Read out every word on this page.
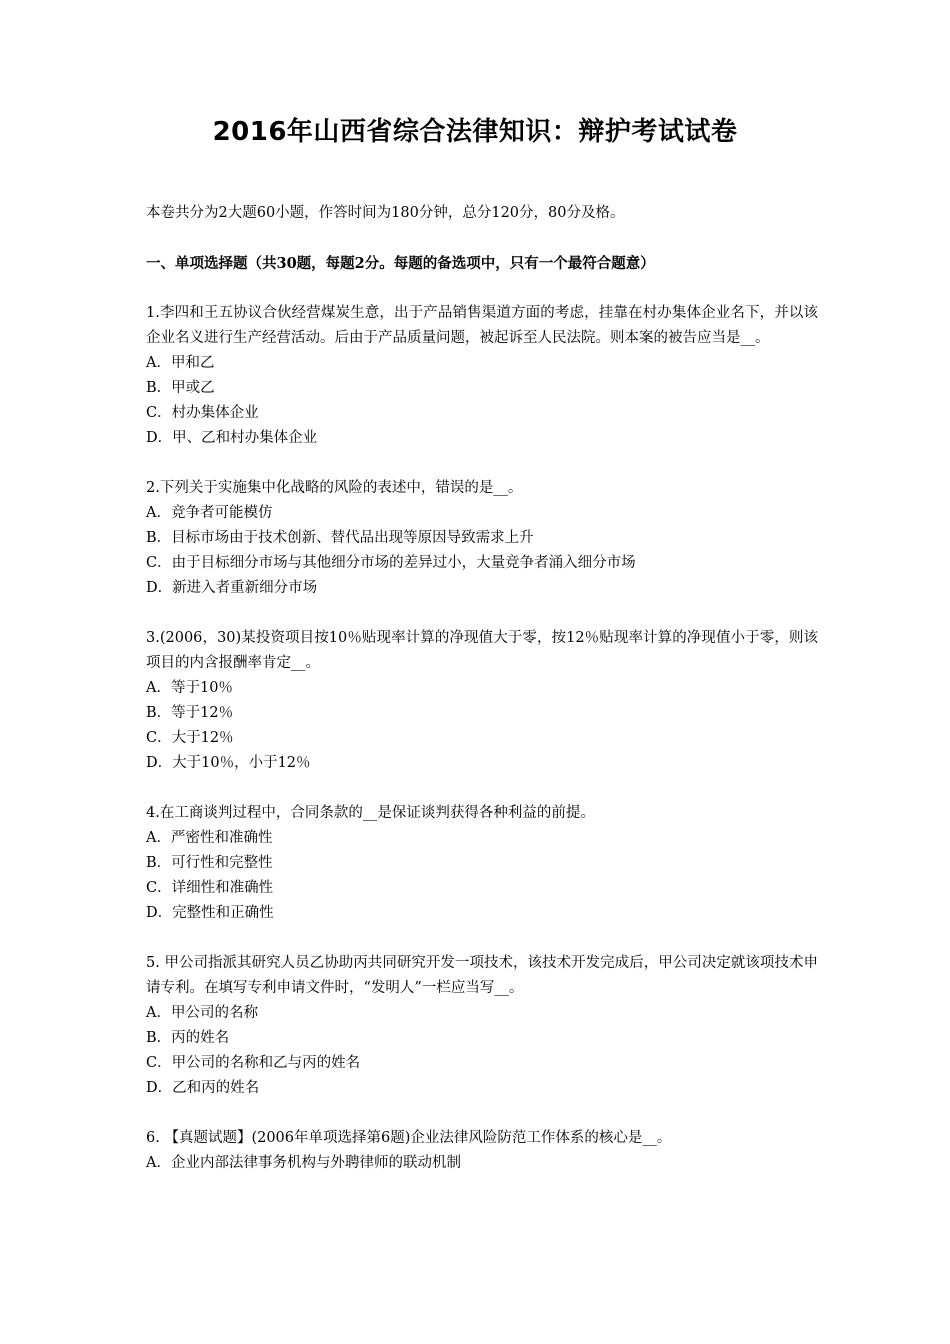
2016年山西省综合法律知识：辩护考试试卷
本卷共分为2大题60小题，作答时间为180分钟，总分120分，80分及格。
一、单项选择题（共30题，每题2分。每题的备选项中，只有一个最符合题意）

1.李四和王五协议合伙经营煤炭生意，出于产品销售渠道方面的考虑，挂靠在村办集体企业名下，并以该企业名义进行生产经营活动。后由于产品质量问题，被起诉至人民法院。则本案的被告应当是__。

A．甲和乙
B．甲或乙
C．村办集体企业
D．甲、乙和村办集体企业

2.下列关于实施集中化战略的风险的表述中，错误的是__。

A．竞争者可能模仿
B．目标市场由于技术创新、替代品出现等原因导致需求上升
C．由于目标细分市场与其他细分市场的差异过小，大量竞争者涌入细分市场
D．新进入者重新细分市场

3.(2006，30)某投资项目按10％贴现率计算的净现值大于零，按12％贴现率计算的净现值小于零，则该项目的内含报酬率肯定__。

A．等于10％
B．等于12％
C．大于12％
D．大于10％，小于12％

4.在工商谈判过程中，合同条款的__是保证谈判获得各种利益的前提。

A．严密性和准确性
B．可行性和完整性
C．详细性和准确性
D．完整性和正确性

5. 甲公司指派其研究人员乙协助丙共同研究开发一项技术，该技术开发完成后，甲公司决定就该项技术申请专利。在填写专利申请文件时，“发明人”一栏应当写__。

A．甲公司的名称
B．丙的姓名
C．甲公司的名称和乙与丙的姓名
D．乙和丙的姓名

6. 【真题试题】(2006年单项选择第6题)企业法律风险防范工作体系的核心是__。

A．企业内部法律事务机构与外聘律师的联动机制
